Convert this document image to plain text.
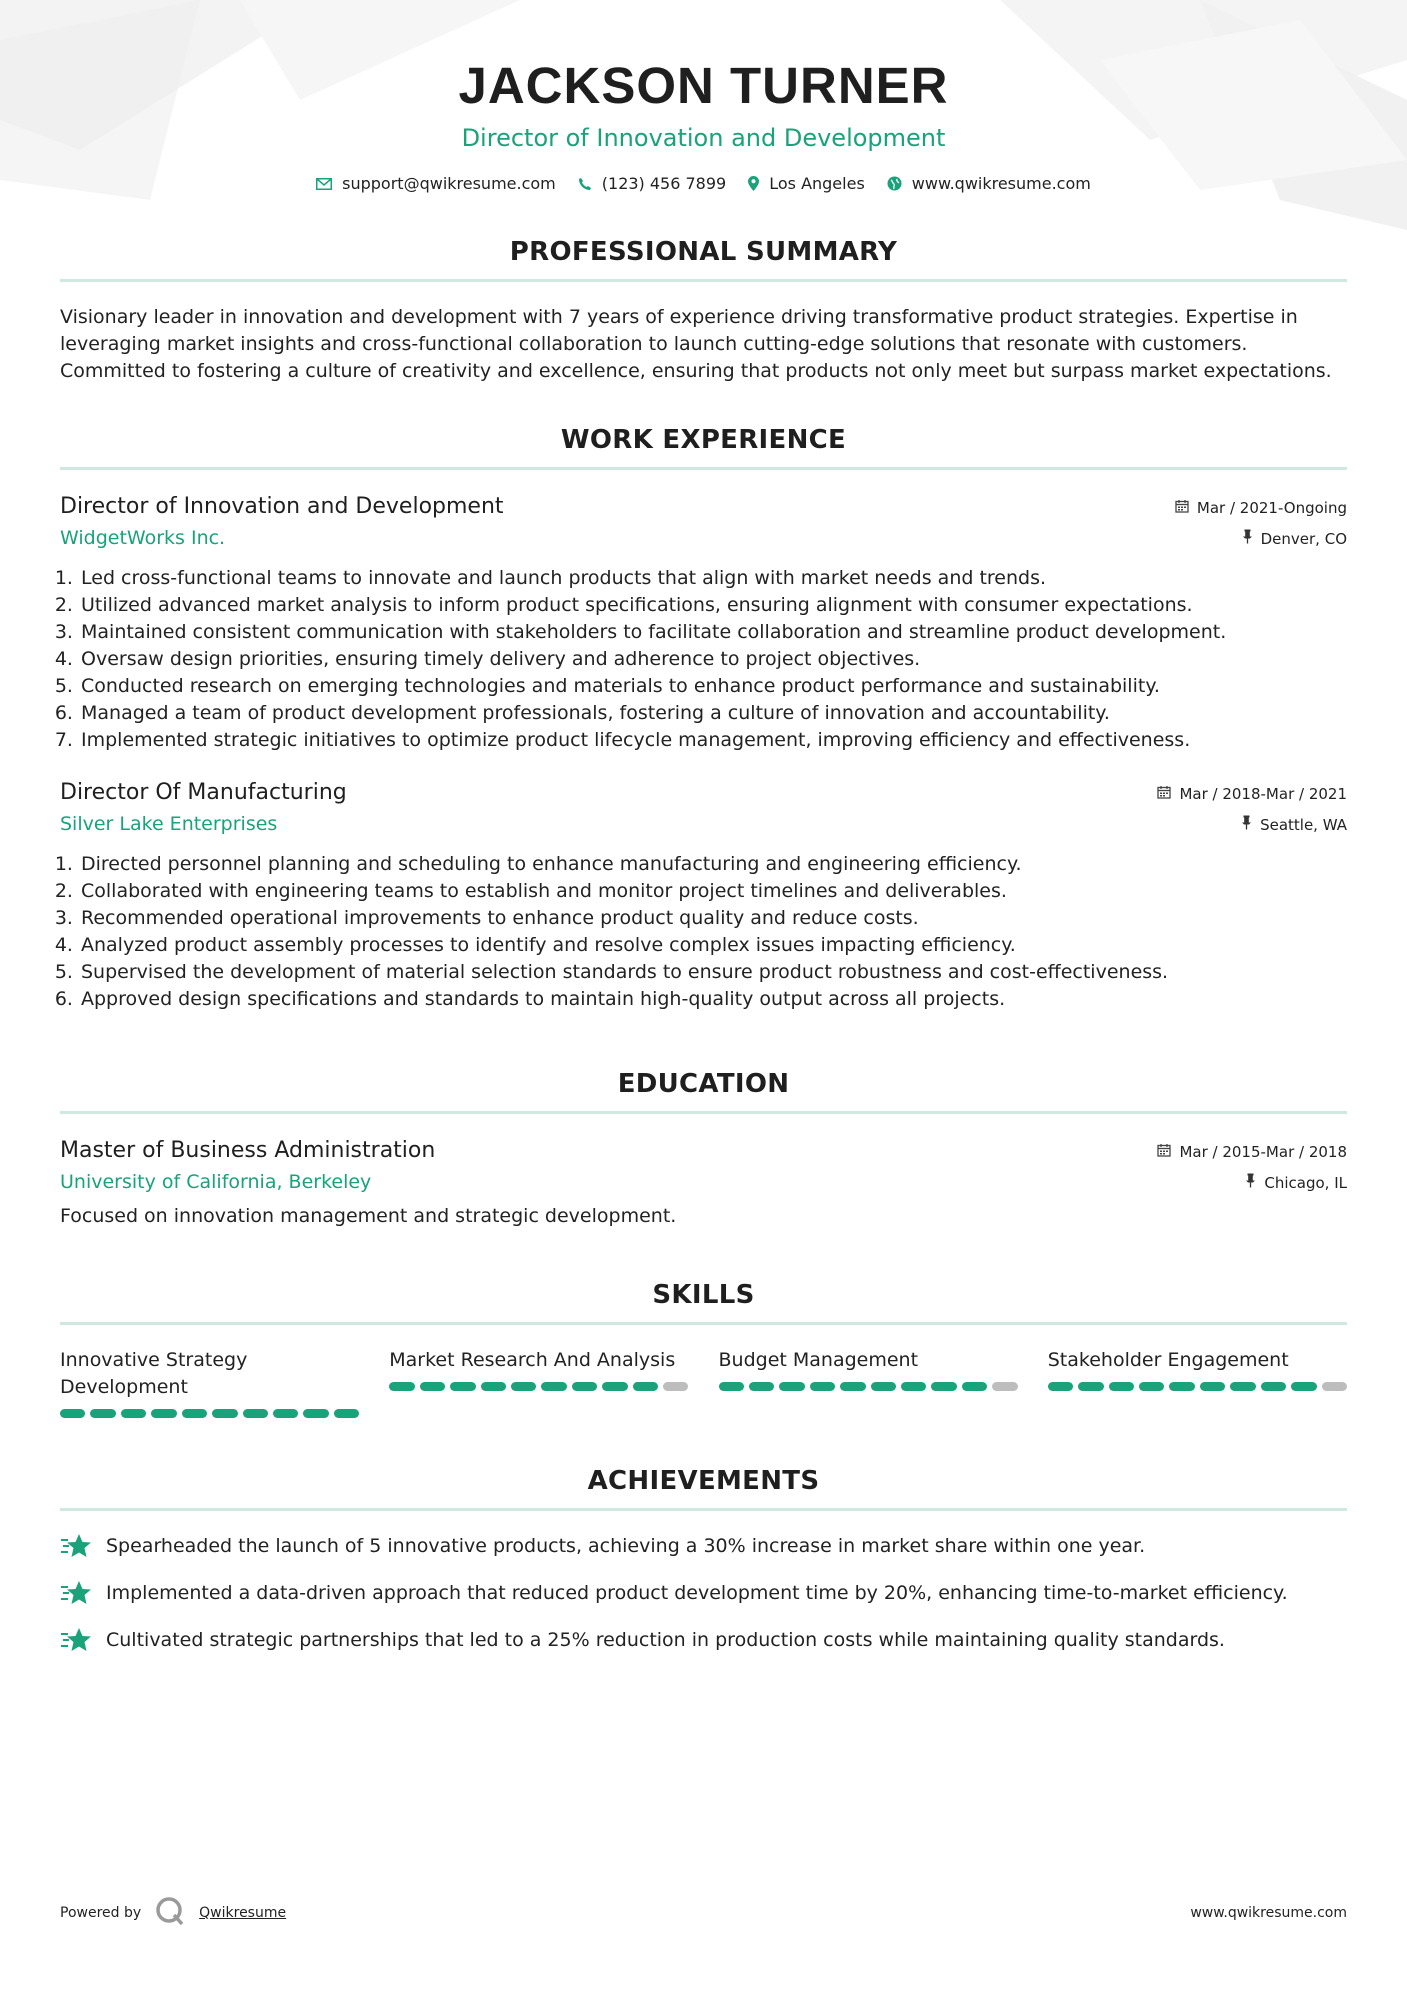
JACKSON TURNER
Director of Innovation and Development
support@qwikresume.com	(123) 456 7899	Los Angeles	www.qwikresume.com
PROFESSIONAL SUMMARY
Visionary leader in innovation and development with 7 years of experience driving transformative product strategies. Expertise in leveraging market insights and cross-functional collaboration to launch cutting-edge solutions that resonate with customers. Committed to fostering a culture of creativity and excellence, ensuring that products not only meet but surpass market expectations.
WORK EXPERIENCE
Director of Innovation and Development	Mar / 2021-Ongoing
WidgetWorks Inc.	Denver, CO
1. Led cross-functional teams to innovate and launch products that align with market needs and trends.
2. Utilized advanced market analysis to inform product specifications, ensuring alignment with consumer expectations.
3. Maintained consistent communication with stakeholders to facilitate collaboration and streamline product development.
4. Oversaw design priorities, ensuring timely delivery and adherence to project objectives.
5. Conducted research on emerging technologies and materials to enhance product performance and sustainability.
6. Managed a team of product development professionals, fostering a culture of innovation and accountability.
7. Implemented strategic initiatives to optimize product lifecycle management, improving efficiency and effectiveness.
Director Of Manufacturing	Mar / 2018-Mar / 2021
Silver Lake Enterprises	Seattle, WA
1. Directed personnel planning and scheduling to enhance manufacturing and engineering efficiency.
2. Collaborated with engineering teams to establish and monitor project timelines and deliverables.
3. Recommended operational improvements to enhance product quality and reduce costs.
4. Analyzed product assembly processes to identify and resolve complex issues impacting efficiency.
5. Supervised the development of material selection standards to ensure product robustness and cost-effectiveness.
6. Approved design specifications and standards to maintain high-quality output across all projects.
EDUCATION
Master of Business Administration	Mar / 2015-Mar / 2018
University of California, Berkeley	Chicago, IL
Focused on innovation management and strategic development.
SKILLS
Innovative Strategy Development
Market Research And Analysis	Budget Management	Stakeholder Engagement
ACHIEVEMENTS
Spearheaded the launch of 5 innovative products, achieving a 30% increase in market share within one year.
Implemented a data-driven approach that reduced product development time by 20%, enhancing time-to-market efficiency.
Cultivated strategic partnerships that led to a 25% reduction in production costs while maintaining quality standards.
Powered by	Qwikresume	www.qwikresume.com
